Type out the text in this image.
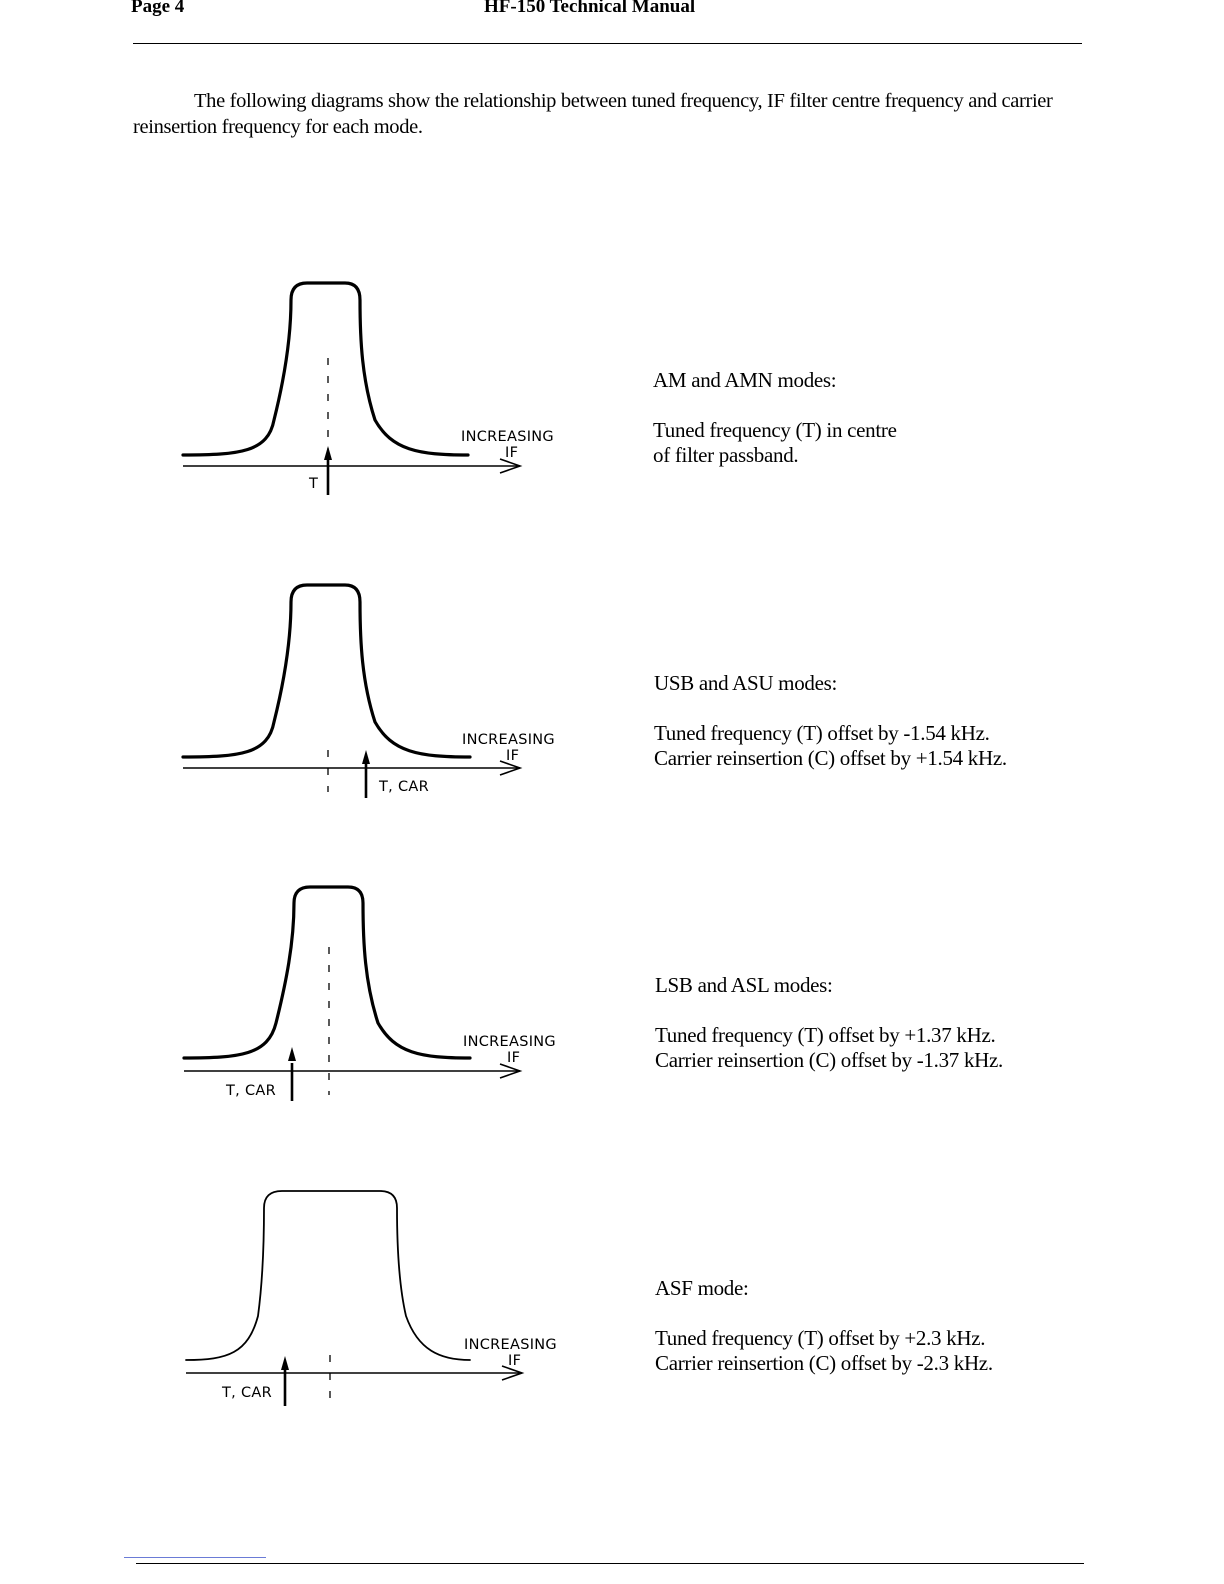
Page 4	HF-150 Technical Manual
The following diagrams show the relationship between tuned frequency, IF filter centre frequency and carrier reinsertion frequency for each mode.
T
INCREASING
IF
AM and AMN modes:
Tuned frequency (T) in centre
of filter passband.
T, CAR
INCREASING
IF
USB and ASU modes:
Tuned frequency (T) offset by -1.54 kHz.
Carrier reinsertion (C) offset by +1.54 kHz.
T, CAR
INCREASING
IF
LSB and ASL modes:
Tuned frequency (T) offset by +1.37 kHz.
Carrier reinsertion (C) offset by -1.37 kHz.
T, CAR
INCREASING
IF
ASF mode:
Tuned frequency (T) offset by +2.3 kHz.
Carrier reinsertion (C) offset by -2.3 kHz.
